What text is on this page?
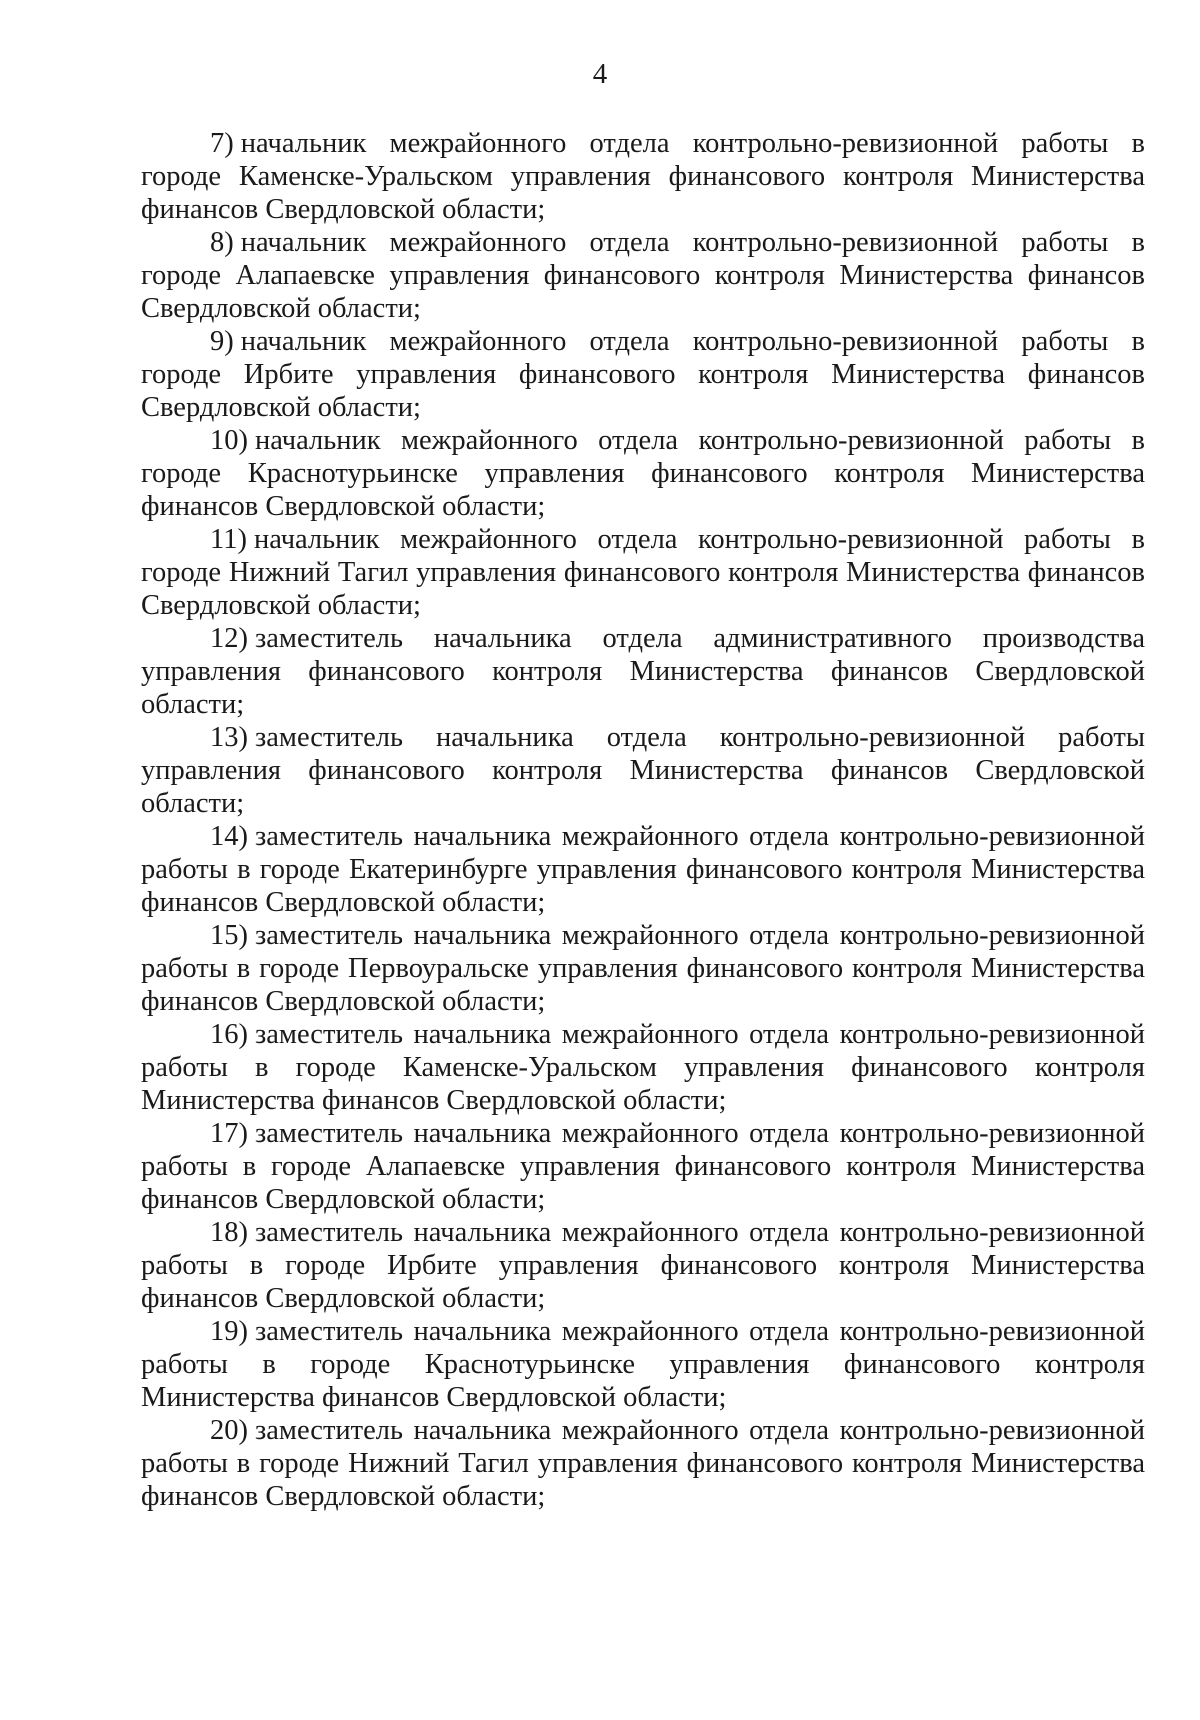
4

7) начальник межрайонного отдела контрольно-ревизионной работы в городе Каменске-Уральском управления финансового контроля Министерства финансов Свердловской области;

8) начальник межрайонного отдела контрольно-ревизионной работы в городе Алапаевске управления финансового контроля Министерства финансов Свердловской области;

9) начальник межрайонного отдела контрольно-ревизионной работы в городе Ирбите управления финансового контроля Министерства финансов Свердловской области;

10) начальник межрайонного отдела контрольно-ревизионной работы в городе Краснотурьинске управления финансового контроля Министерства финансов Свердловской области;

11) начальник межрайонного отдела контрольно-ревизионной работы в городе Нижний Тагил управления финансового контроля Министерства финансов Свердловской области;

12) заместитель начальника отдела административного производства управления финансового контроля Министерства финансов Свердловской области;

13) заместитель начальника отдела контрольно-ревизионной работы управления финансового контроля Министерства финансов Свердловской области;

14) заместитель начальника межрайонного отдела контрольно-ревизионной работы в городе Екатеринбурге управления финансового контроля Министерства финансов Свердловской области;

15) заместитель начальника межрайонного отдела контрольно-ревизионной работы в городе Первоуральске управления финансового контроля Министерства финансов Свердловской области;

16) заместитель начальника межрайонного отдела контрольно-ревизионной работы в городе Каменске-Уральском управления финансового контроля Министерства финансов Свердловской области;

17) заместитель начальника межрайонного отдела контрольно-ревизионной работы в городе Алапаевске управления финансового контроля Министерства финансов Свердловской области;

18) заместитель начальника межрайонного отдела контрольно-ревизионной работы в городе Ирбите управления финансового контроля Министерства финансов Свердловской области;

19) заместитель начальника межрайонного отдела контрольно-ревизионной работы в городе Краснотурьинске управления финансового контроля Министерства финансов Свердловской области;

20) заместитель начальника межрайонного отдела контрольно-ревизионной работы в городе Нижний Тагил управления финансового контроля Министерства финансов Свердловской области;
